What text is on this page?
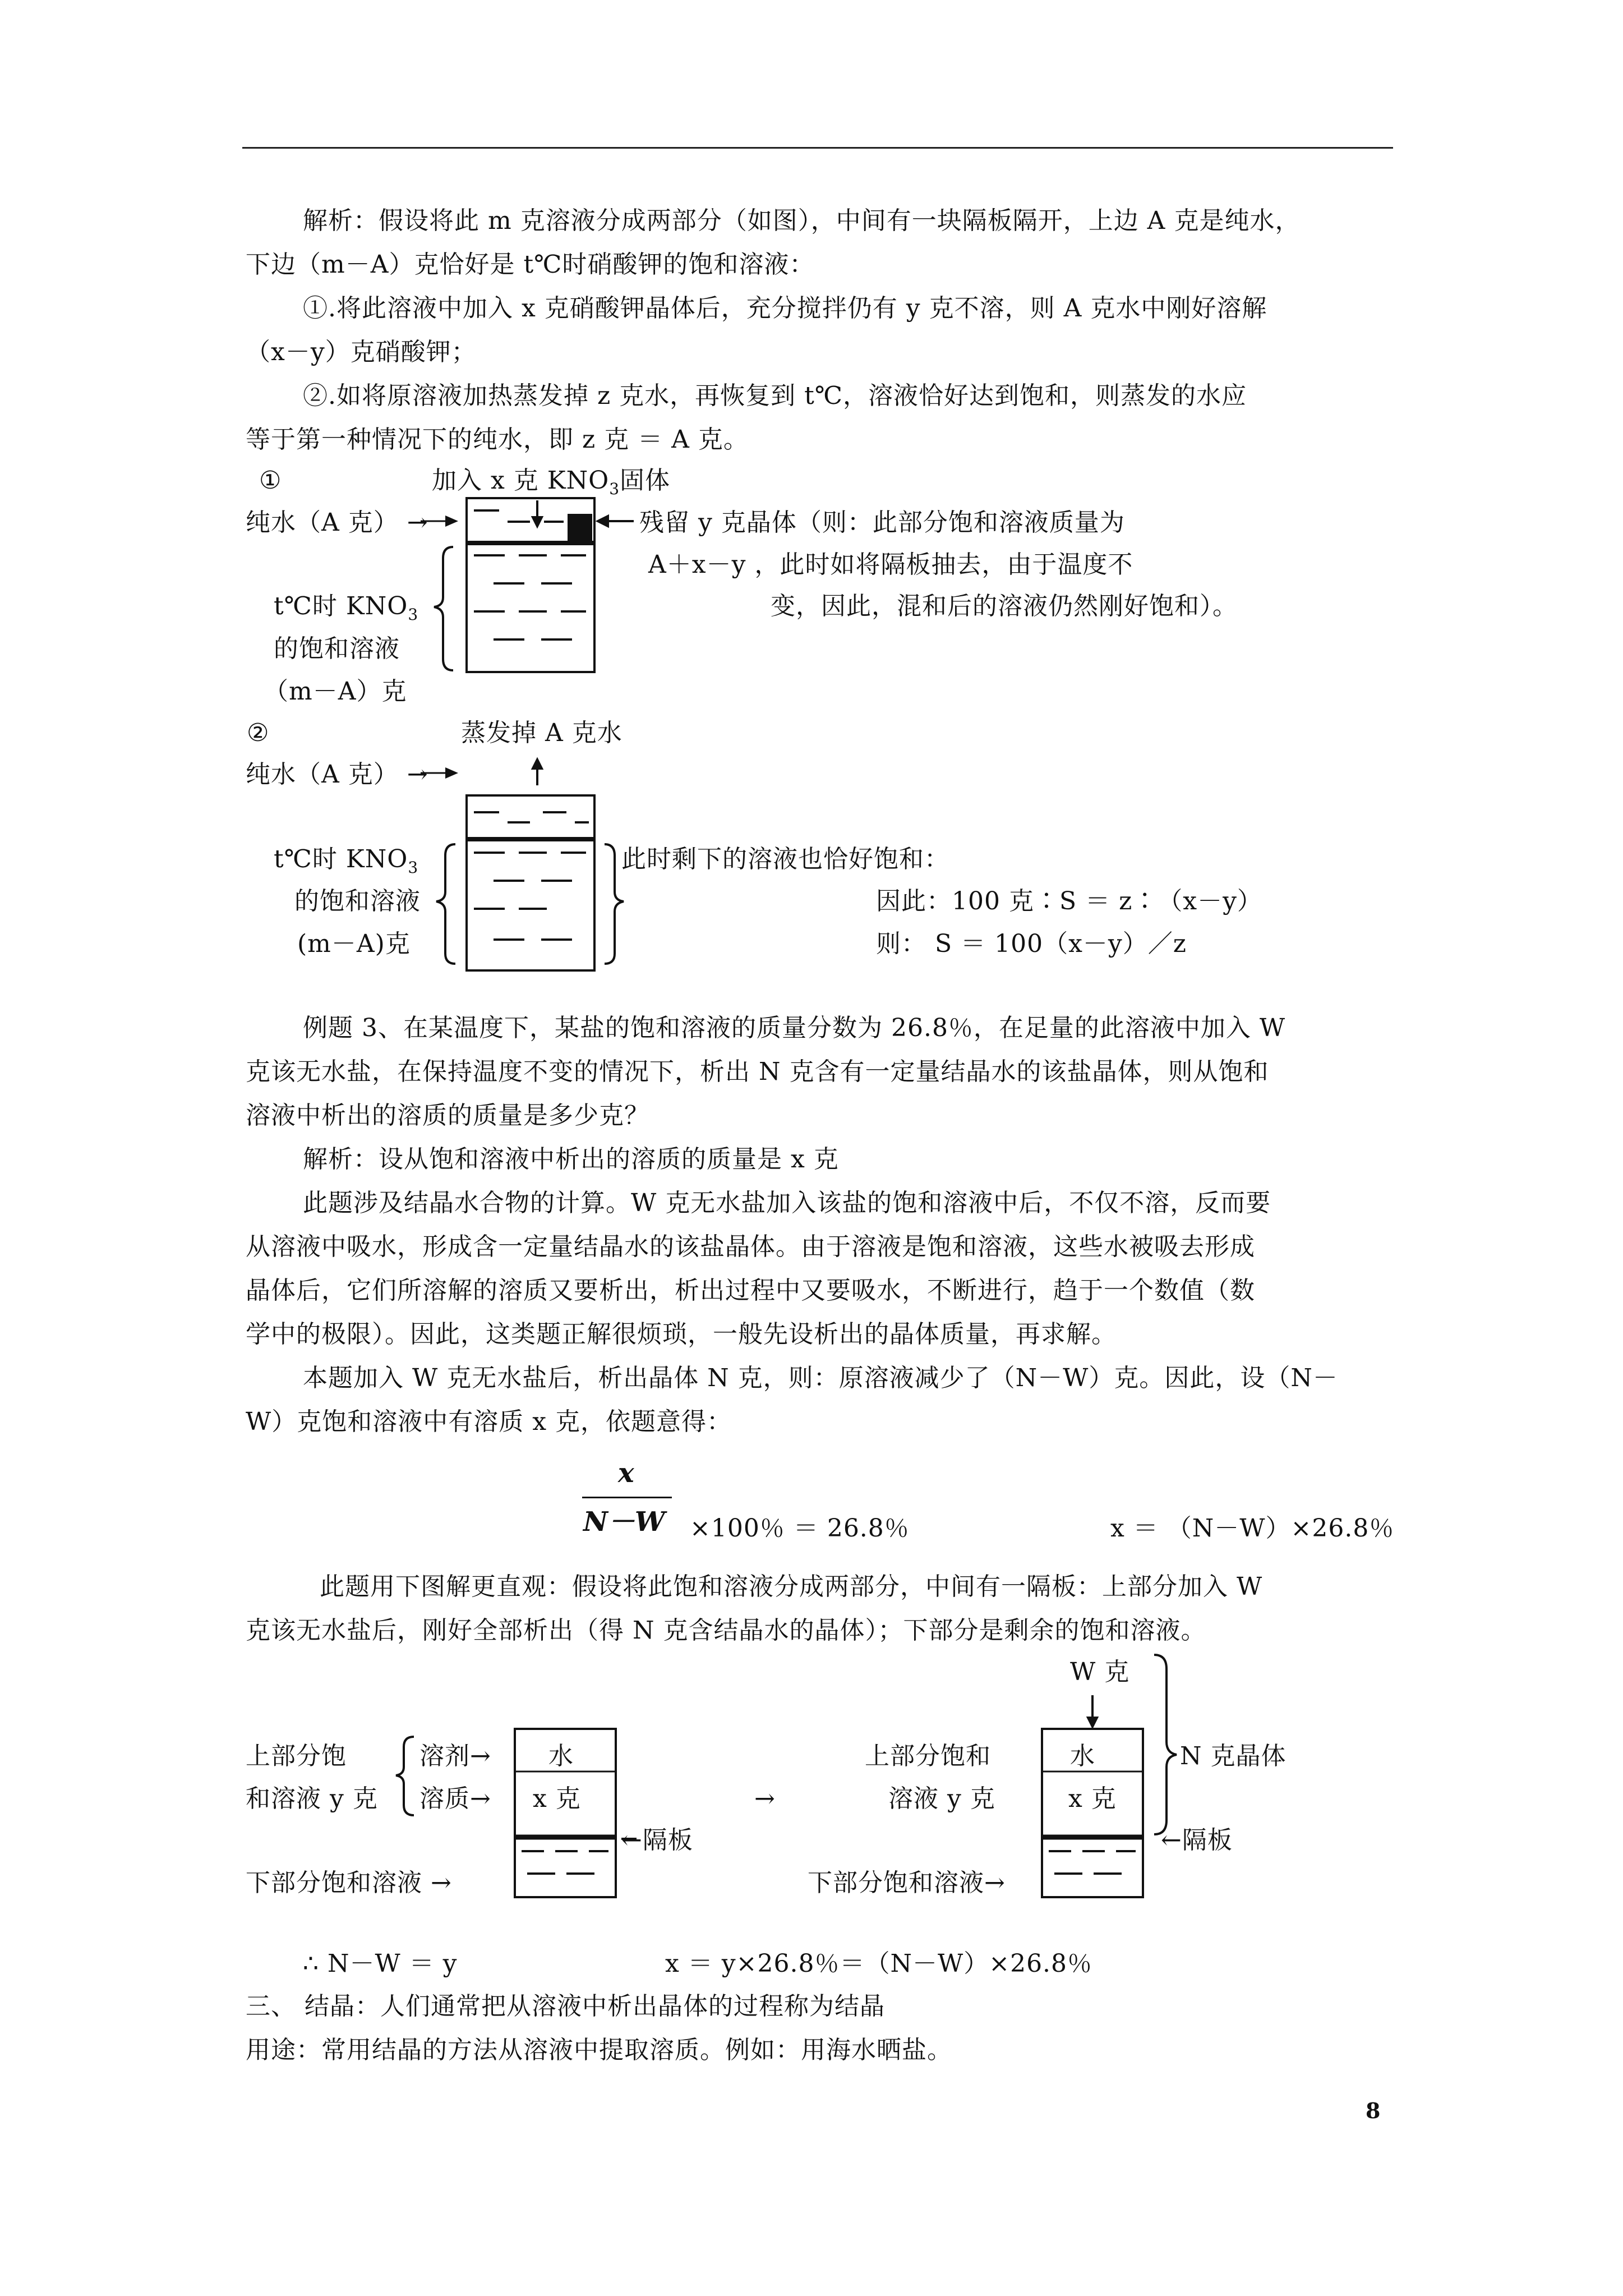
解析：假设将此 m 克溶液分成两部分（如图），中间有一块隔板隔开，上边 A 克是纯水，
下边（m－A）克恰好是 t℃时硝酸钾的饱和溶液：
①.将此溶液中加入 x 克硝酸钾晶体后，充分搅拌仍有 y 克不溶，则 A 克水中刚好溶解
（x－y）克硝酸钾；
②.如将原溶液加热蒸发掉 z 克水，再恢复到 t℃，溶液恰好达到饱和，则蒸发的水应
等于第一种情况下的纯水，即 z 克 ＝ A 克。
①	加入 x 克 $KNO_3$固体
纯水（A 克） →
t℃时 $KNO_3$
的饱和溶液
（m－A）克
残留 y 克晶体（则：此部分饱和溶液质量为
A＋x－y ，此时如将隔板抽去，由于温度不
变，因此，混和后的溶液仍然刚好饱和）。
②	蒸发掉 A 克水
纯水（A 克） →
t℃时 $KNO_3$
的饱和溶液
(m－A)克
此时剩下的溶液也恰好饱和：
因此：100 克∶S ＝ z∶（x－y）
则： S ＝ 100（x－y）／z
例题 3、在某温度下，某盐的饱和溶液的质量分数为 26.8％，在足量的此溶液中加入 W
克该无水盐，在保持温度不变的情况下，析出 N 克含有一定量结晶水的该盐晶体，则从饱和
溶液中析出的溶质的质量是多少克？
解析：设从饱和溶液中析出的溶质的质量是 x 克
此题涉及结晶水合物的计算。W 克无水盐加入该盐的饱和溶液中后，不仅不溶，反而要
从溶液中吸水，形成含一定量结晶水的该盐晶体。由于溶液是饱和溶液，这些水被吸去形成
晶体后，它们所溶解的溶质又要析出，析出过程中又要吸水，不断进行，趋于一个数值（数
学中的极限）。因此，这类题正解很烦琐，一般先设析出的晶体质量，再求解。
本题加入 W 克无水盐后，析出晶体 N 克，则：原溶液减少了（N－W）克。因此，设（N－
W）克饱和溶液中有溶质 x 克，依题意得：
x
N－W ×100％ ＝ 26.8％	x ＝ （N－W）×26.8％
此题用下图解更直观：假设将此饱和溶液分成两部分，中间有一隔板：上部分加入 W
克该无水盐后，刚好全部析出（得 N 克含结晶水的晶体）；下部分是剩余的饱和溶液。
上部分饱
和溶液 y 克
溶剂→
溶质→
水
x 克
←隔板
下部分饱和溶液 →
→
W 克
上部分饱和
溶液 y 克
水
x 克
←隔板
下部分饱和溶液→
N 克晶体
∴ N－W ＝ y	x ＝ y×26.8％＝（N－W）×26.8％
三、 结晶：人们通常把从溶液中析出晶体的过程称为结晶
用途：常用结晶的方法从溶液中提取溶质。例如：用海水晒盐。
8
